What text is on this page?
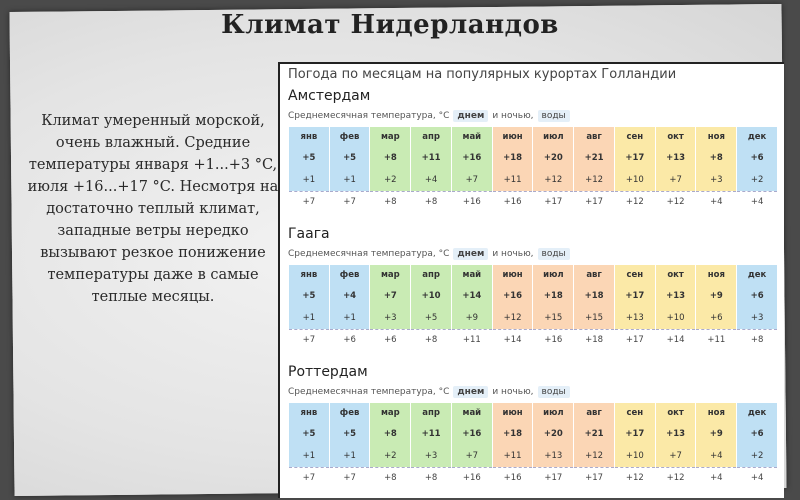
Климат Нидерландов
Климат умеренный морской, очень влажный. Средние температуры января +1...+3 °C, июля +16...+17 °C. Несмотря на достаточно теплый климат, западные ветры нередко вызывают резкое понижение температуры даже в самые теплые месяцы.
Погода по месяцам на популярных курортах Голландии
Амстердам
Среднемесячная температура, °C днем и ночью, воды
янв	фев	мар	апр	май	июн	июл	авг	сен	окт	ноя	дек
+5	+5	+8	+11	+16	+18	+20	+21	+17	+13	+8	+6
+1	+1	+2	+4	+7	+11	+12	+12	+10	+7	+3	+2
+7	+7	+8	+8	+16	+16	+17	+17	+12	+12	+4	+4
Гаага
Среднемесячная температура, °C днем и ночью, воды
янв	фев	мар	апр	май	июн	июл	авг	сен	окт	ноя	дек
+5	+4	+7	+10	+14	+16	+18	+18	+17	+13	+9	+6
+1	+1	+3	+5	+9	+12	+15	+15	+13	+10	+6	+3
+7	+6	+6	+8	+11	+14	+16	+18	+17	+14	+11	+8
Роттердам
Среднемесячная температура, °C днем и ночью, воды
янв	фев	мар	апр	май	июн	июл	авг	сен	окт	ноя	дек
+5	+5	+8	+11	+16	+18	+20	+21	+17	+13	+9	+6
+1	+1	+2	+3	+7	+11	+13	+12	+10	+7	+4	+2
+7	+7	+8	+8	+16	+16	+17	+17	+12	+12	+4	+4
